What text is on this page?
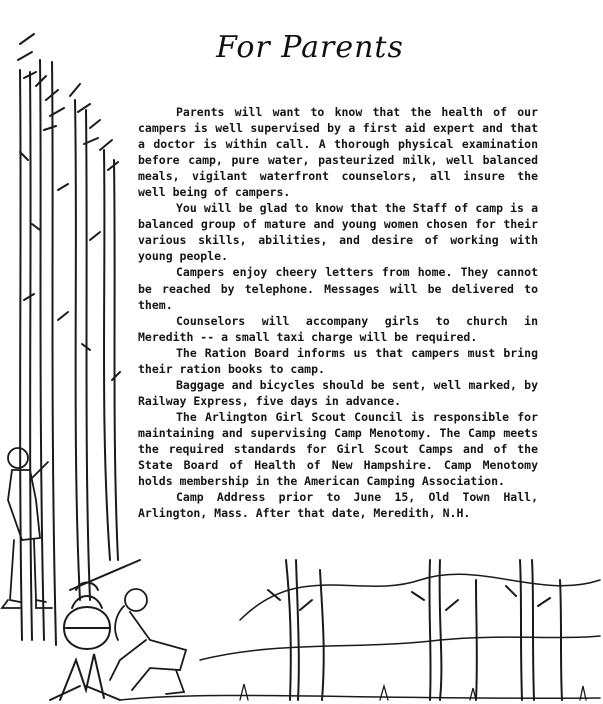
For Parents

Parents will want to know that the health of our campers is well supervised by a first aid expert and that a doctor is within call. A thorough physical examination before camp, pure water, pasteurized milk, well balanced meals, vigilant waterfront counselors, all insure the well being of campers.

You will be glad to know that the Staff of camp is a balanced group of mature and young women chosen for their various skills, abilities, and desire of working with young people.

Campers enjoy cheery letters from home. They cannot be reached by telephone. Messages will be delivered to them.

Counselors will accompany girls to church in Meredith -- a small taxi charge will be required.

The Ration Board informs us that campers must bring their ration books to camp.

Baggage and bicycles should be sent, well marked, by Railway Express, five days in advance.

The Arlington Girl Scout Council is responsible for maintaining and supervising Camp Menotomy. The Camp meets the required standards for Girl Scout Camps and of the State Board of Health of New Hampshire. Camp Menotomy holds membership in the American Camping Association.

Camp Address prior to June 15, Old Town Hall, Arlington, Mass. After that date, Meredith, N.H.
